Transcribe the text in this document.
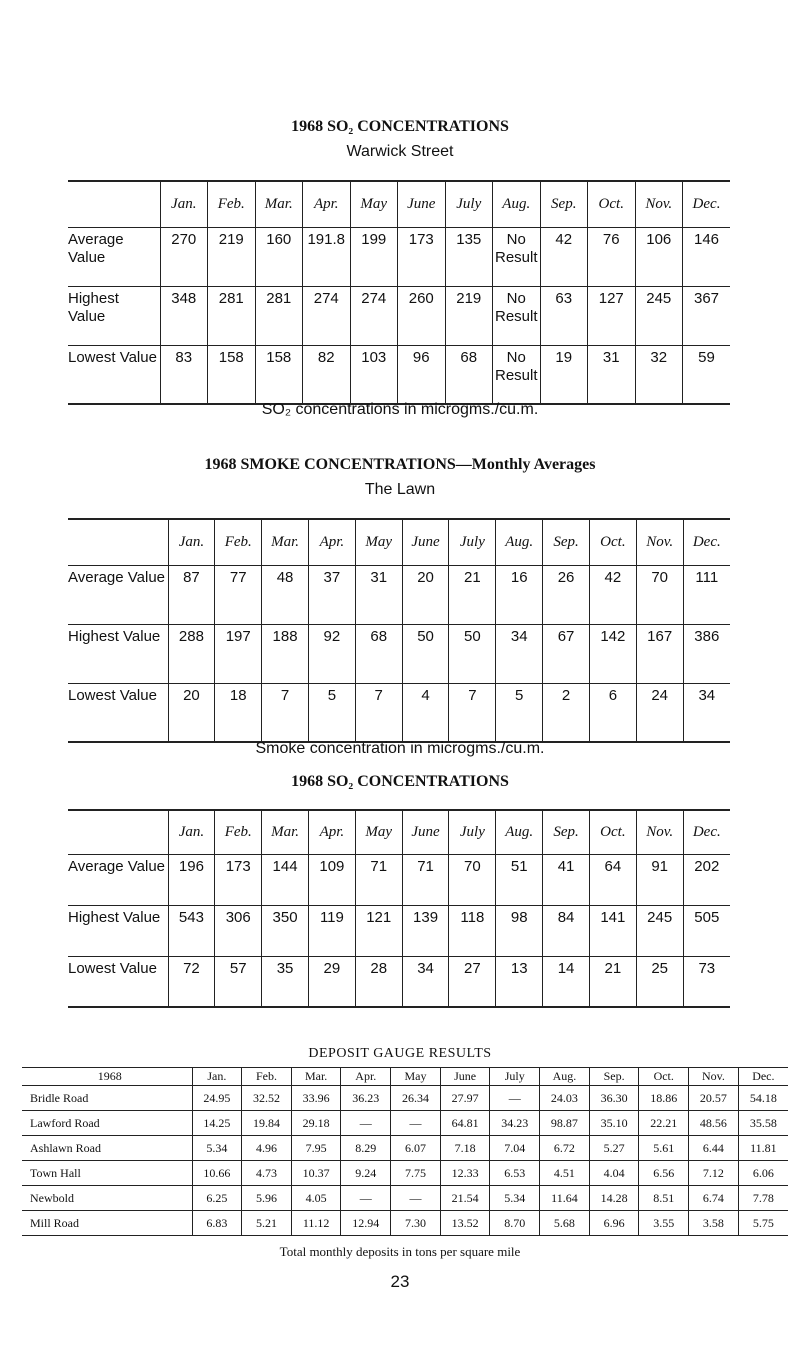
1968 SO₂ CONCENTRATIONS
Warwick Street
	Jan.	Feb.	Mar.	Apr.	May	June	July	Aug.	Sep.	Oct.	Nov.	Dec.
Average Value	270	219	160	191.8	199	173	135	No Result	42	76	106	146
Highest Value	348	281	281	274	274	260	219	No Result	63	127	245	367
Lowest Value	83	158	158	82	103	96	68	No Result	19	31	32	59
SO₂ concentrations in microgms./cu.m.
1968 SMOKE CONCENTRATIONS—Monthly Averages
The Lawn
	Jan.	Feb.	Mar.	Apr.	May	June	July	Aug.	Sep.	Oct.	Nov.	Dec.
Average Value	87	77	48	37	31	20	21	16	26	42	70	111
Highest Value	288	197	188	92	68	50	50	34	67	142	167	386
Lowest Value	20	18	7	5	7	4	7	5	2	6	24	34
Smoke concentration in microgms./cu.m.
1968 SO₂ CONCENTRATIONS
	Jan.	Feb.	Mar.	Apr.	May	June	July	Aug.	Sep.	Oct.	Nov.	Dec.
Average Value	196	173	144	109	71	71	70	51	41	64	91	202
Highest Value	543	306	350	119	121	139	118	98	84	141	245	505
Lowest Value	72	57	35	29	28	34	27	13	14	21	25	73
DEPOSIT GAUGE RESULTS
1968	Jan.	Feb.	Mar.	Apr.	May	June	July	Aug.	Sep.	Oct.	Nov.	Dec.
Bridle Road	24.95	32.52	33.96	36.23	26.34	27.97	—	24.03	36.30	18.86	20.57	54.18
Lawford Road	14.25	19.84	29.18	—	—	64.81	34.23	98.87	35.10	22.21	48.56	35.58
Ashlawn Road	5.34	4.96	7.95	8.29	6.07	7.18	7.04	6.72	5.27	5.61	6.44	11.81
Town Hall	10.66	4.73	10.37	9.24	7.75	12.33	6.53	4.51	4.04	6.56	7.12	6.06
Newbold	6.25	5.96	4.05	—	—	21.54	5.34	11.64	14.28	8.51	6.74	7.78
Mill Road	6.83	5.21	11.12	12.94	7.30	13.52	8.70	5.68	6.96	3.55	3.58	5.75
Total monthly deposits in tons per square mile
23
